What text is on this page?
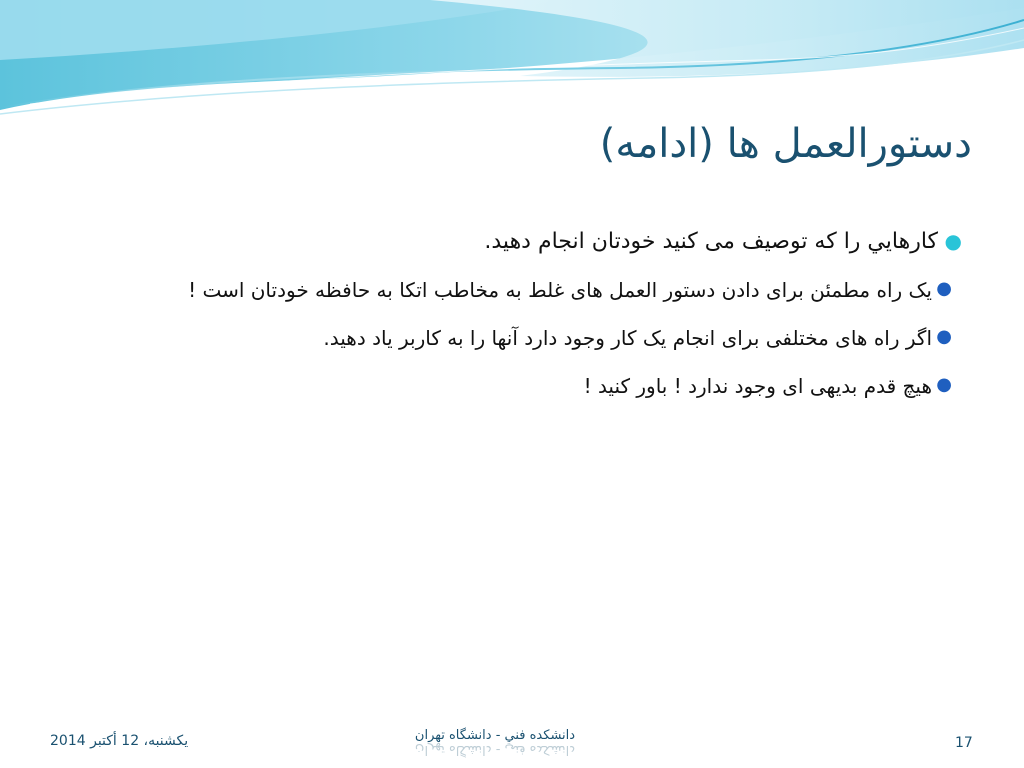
دستورالعمل ها (ادامه)

●
کارهايي را که توصيف می کنيد خودتان انجام دهيد.

●
يک راه مطمئن برای دادن دستور العمل های غلط به مخاطب اتکا به حافظه خودتان است !

●
اگر راه های مختلفی برای انجام يک کار وجود دارد آنها را به کاربر ياد دهيد.

●
هيچ قدم بديهی ای وجود ندارد ! باور کنيد !

يكشنبه، 12 أكتبر 2014	دانشکده فني - دانشگاه تهران
دانشکده فني - دانشگاه تهران	17
